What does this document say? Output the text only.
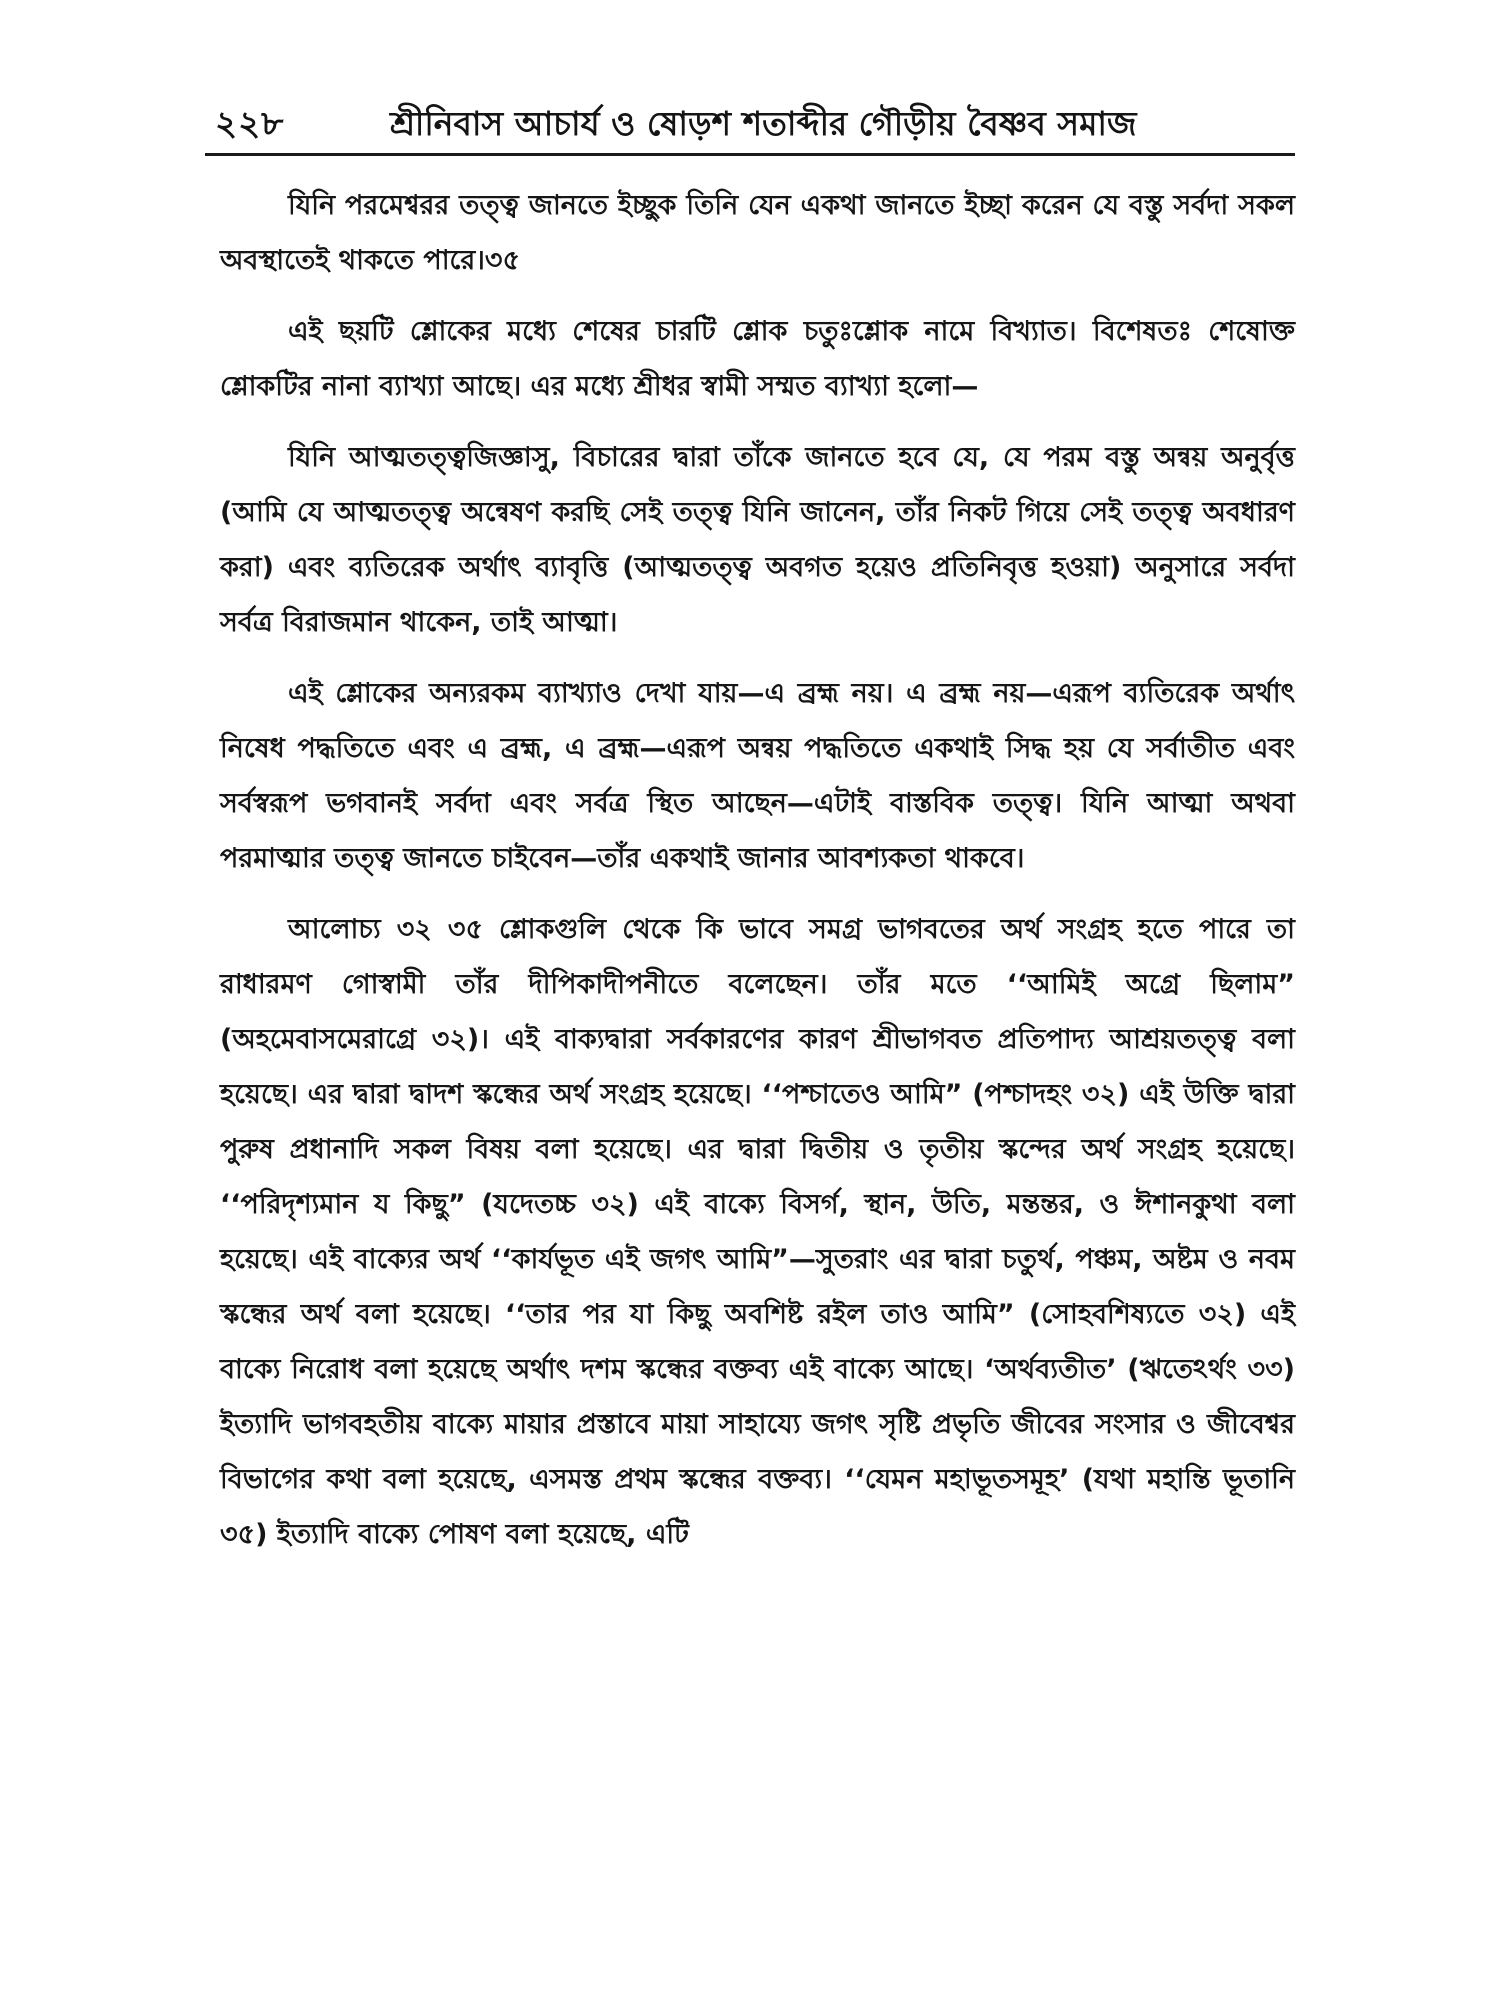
২২৮	শ্রীনিবাস আচার্য ও ষোড়শ শতাব্দীর গৌড়ীয় বৈষ্ণব সমাজ

যিনি পরমেশ্বরর তত্ত্ব জানতে ইচ্ছুক তিনি যেন একথা জানতে ইচ্ছা করেন যে বস্তু সর্বদা সকল অবস্থাতেই থাকতে পারে।৩৫

এই ছয়টি শ্লোকের মধ্যে শেষের চারটি শ্লোক চতুঃশ্লোক নামে বিখ্যাত। বিশেষতঃ শেষোক্ত শ্লোকটির নানা ব্যাখ্যা আছে। এর মধ্যে শ্রীধর স্বামী সম্মত ব্যাখ্যা হলো—

যিনি আত্মতত্ত্বজিজ্ঞাসু, বিচারের দ্বারা তাঁকে জানতে হবে যে, যে পরম বস্তু অন্বয় অনুর্বৃত্ত (আমি যে আত্মতত্ত্ব অন্বেষণ করছি সেই তত্ত্ব যিনি জানেন, তাঁর নিকট গিয়ে সেই তত্ত্ব অবধারণ করা) এবং ব্যতিরেক অর্থাৎ ব্যাবৃত্তি (আত্মতত্ত্ব অবগত হয়েও প্রতিনিবৃত্ত হওয়া) অনুসারে সর্বদা সর্বত্র বিরাজমান থাকেন, তাই আত্মা।

এই শ্লোকের অন্যরকম ব্যাখ্যাও দেখা যায়—এ ব্রহ্ম নয়। এ ব্রহ্ম নয়—এরূপ ব্যতিরেক অর্থাৎ নিষেধ পদ্ধতিতে এবং এ ব্রহ্ম, এ ব্রহ্ম—এরূপ অন্বয় পদ্ধতিতে একথাই সিদ্ধ হয় যে সর্বাতীত এবং সর্বস্বরূপ ভগবানই সর্বদা এবং সর্বত্র স্থিত আছেন—এটাই বাস্তবিক তত্ত্ব। যিনি আত্মা অথবা পরমাত্মার তত্ত্ব জানতে চাইবেন—তাঁর একথাই জানার আবশ্যকতা থাকবে।

আলোচ্য ৩২ ৩৫ শ্লোকগুলি থেকে কি ভাবে সমগ্র ভাগবতের অর্থ সংগ্রহ হতে পারে তা রাধারমণ গোস্বামী তাঁর দীপিকাদীপনীতে বলেছেন। তাঁর মতে ‘‘আমিই অগ্রে ছিলাম” (অহমেবাসমেরাগ্রে ৩২)। এই বাক্যদ্বারা সর্বকারণের কারণ শ্রীভাগবত প্রতিপাদ্য আশ্রয়তত্ত্ব বলা হয়েছে। এর দ্বারা দ্বাদশ স্কন্ধের অর্থ সংগ্রহ হয়েছে। ‘‘পশ্চাতেও আমি” (পশ্চাদহং ৩২) এই উক্তি দ্বারা পুরুষ প্রধানাদি সকল বিষয় বলা হয়েছে। এর দ্বারা দ্বিতীয় ও তৃতীয় স্কন্দের অর্থ সংগ্রহ হয়েছে। ‘‘পরিদৃশ্যমান য কিছু” (যদেতচ্চ ৩২) এই বাক্যে বিসর্গ, স্থান, উতি, মন্তন্তর, ও ঈশানকুথা বলা হয়েছে। এই বাক্যের অর্থ ‘‘কার্যভূত এই জগৎ আমি”—সুতরাং এর দ্বারা চতুর্থ, পঞ্চম, অষ্টম ও নবম স্কন্ধের অর্থ বলা হয়েছে। ‘‘তার পর যা কিছু অবশিষ্ট রইল তাও আমি” (সোহবশিষ্যতে ৩২) এই বাক্যে নিরোধ বলা হয়েছে অর্থাৎ দশম স্কন্ধের বক্তব্য এই বাক্যে আছে। ‘অর্থব্যতীত’ (ঋতেঽর্থং ৩৩) ইত্যাদি ভাগবহতীয় বাক্যে মায়ার প্রস্তাবে মায়া সাহায্যে জগৎ সৃষ্টি প্রভৃতি জীবের সংসার ও জীবেশ্বর বিভাগের কথা বলা হয়েছে, এসমস্ত প্রথম স্কন্ধের বক্তব্য। ‘‘যেমন মহাভূতসমূহ’ (যথা মহান্তি ভূতানি ৩৫) ইত্যাদি বাক্যে পোষণ বলা হয়েছে, এটি
